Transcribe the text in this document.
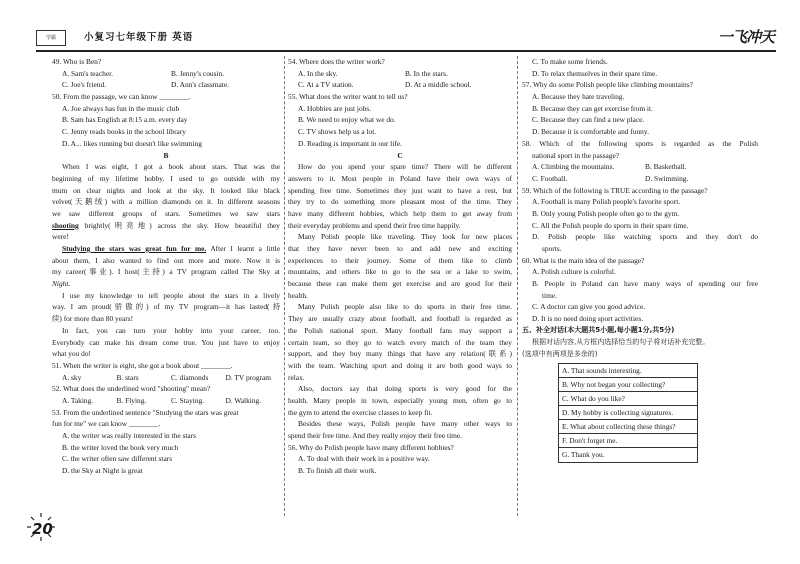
学霸	小复习七年级下册 英语	一飞冲天
49. Who is Ben?
A. Sam's teacher.	B. Jenny's cousin.
C. Joe's friend.	D. Ann's classmate.
50. From the passage, we can know ________.
A. Joe always has fun in the music club
B. Sam has English at 8:15 a.m. every day
C. Jenny reads books in the school library
D. A... likes running but doesn't like swimming
B
When I was eight, I got a book about stars. That was the
beginning of my lifetime hobby. I used to go outside with my
mum on clear nights and look at the sky. It looked like black
velvet(天鹅绒) with a million diamonds on it. In different seasons
we saw different groups of stars. Sometimes we saw stars
shooting brightly(明亮地) across the sky. How beautiful they
were!
Studying the stars was great fun for me. After I learnt a little
about them, I also wanted to find out more and more. Now it is
my career(事业). I host(主持) a TV program called The Sky at
Night.
I use my knowledge to tell people about the stars in a lively
way. I am proud(骄傲的) of my TV program—it has lasted(持
续) for more than 80 years!
In fact, you can turn your hobby into your career, too.
Everybody can make his dream come true. You just have to enjoy
what you do!
51. When the writer is eight, she got a book about ________.
A. sky	B. stars	C. diamonds	D. TV program
52. What does the underlined word "shooting" mean?
A. Taking.	B. Flying.	C. Staying.	D. Walking.
53. From the underlined sentence "Studying the stars was great
fun for me" we can know ________.
A. the writer was really interested in the stars
B. the writer loved the book very much
C. the writer often saw different stars
D. the Sky at Night is great
54. Where does the writer work?
A. In the sky.	B. In the stars.
C. At a TV station.	D. At a middle school.
55. What does the writer want to tell us?
A. Hobbies are just jobs.
B. We need to enjoy what we do.
C. TV shows help us a lot.
D. Reading is important in our life.
C
How do you spend your spare time? There will be different
answers to it. Most people in Poland have their own ways of
spending free time. Sometimes they just want to have a rest, but
they try to do something more pleasant most of the time. They
have many different hobbies, which help them to get away from
their everyday problems and spend their free time happily.
Many Polish people like traveling. They look for new places
that they have never been to and add new and exciting
experiences to their journey. Some of them like to climb
mountains, and others like to go to the sea or a lake to swim,
because these can make them get exercise and are good for their
health.
Many Polish people also like to do sports in their free time.
They are usually crazy about football, and football is regarded as
the Polish national sport. Many football fans may support a
certain team, so they go to watch every match of the team they
support, and they buy many things that have any relation(联系)
with the team. Watching sport and doing it are both good ways to
relax.
Also, doctors say that doing sports is very good for the
health. Many people in town, especially young men, often go to
the gym to attend the exercise classes to keep fit.
Besides these ways, Polish people have many other ways to
spend their free time. And they really enjoy their free time.
56. Why do Polish people have many different hobbies?
A. To deal with their work in a positive way.
B. To finish all their work.
C. To make some friends.
D. To relax themselves in their spare time.
57. Why do some Polish people like climbing mountains?
A. Because they hate traveling.
B. Because they can get exercise from it.
C. Because they can find a new place.
D. Because it is comfortable and funny.
58. Which of the following sports is regarded as the Polish
national sport in the passage?
A. Climbing the mountains.	B. Basketball.
C. Football.	D. Swimming.
59. Which of the following is TRUE according to the passage?
A. Football is many Polish people's favorite sport.
B. Only young Polish people often go to the gym.
C. All the Polish people do sports in their spare time.
D. Polish people like watching sports and they don't do
sports.
60. What is the main idea of the passage?
A. Polish culture is colorful.
B. People in Poland can have many ways of spending our free
time.
C. A doctor can give you good advice.
D. It is no need doing sport activities.
五、补全对话(本大题共5小题,每小题1分,共5分)
根据对话内容,从方框内选择恰当的句子将对话补充完整。
(选项中有两项是多余的)
A. That sounds interesting.
B. Why not began your collecting?
C. What do you like?
D. My hobby is collecting signatures.
E. What about collecting these things?
F. Don't forget me.
G. Thank you.
20
